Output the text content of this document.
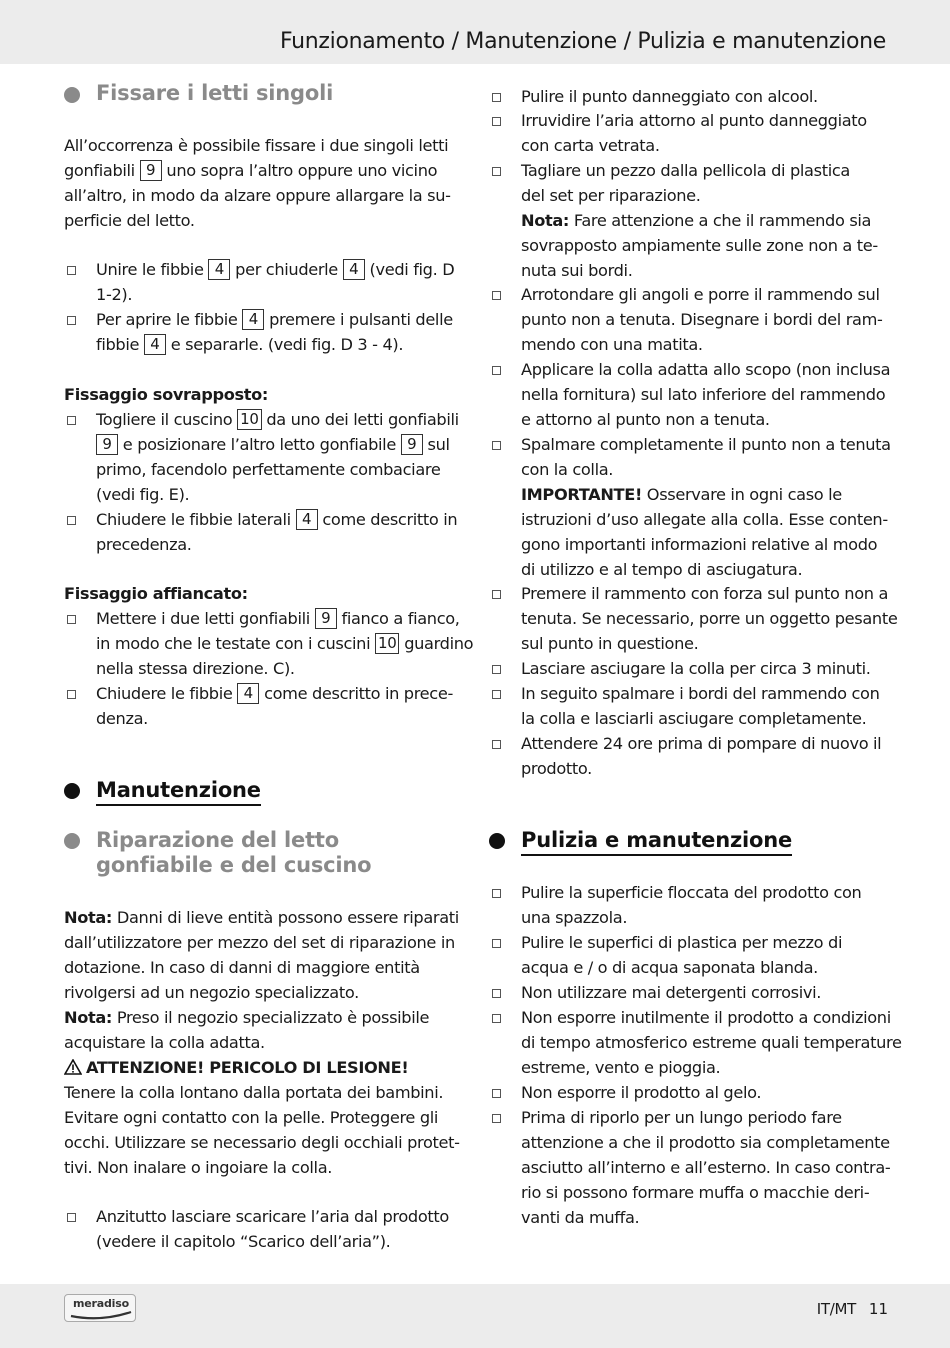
Funzionamento / Manutenzione / Pulizia e manutenzione
Fissare i letti singoli
All’occorrenza è possibile fissare i due singoli letti
gonfiabili 9 uno sopra l’altro oppure uno vicino
all’altro, in modo da alzare oppure allargare la su-
perficie del letto.
Unire le fibbie 4 per chiuderle 4 (vedi fig. D
1-2).
Per aprire le fibbie 4 premere i pulsanti delle
fibbie 4 e separarle. (vedi fig. D 3 - 4).
Fissaggio sovrapposto:
Togliere il cuscino 10 da uno dei letti gonfiabili
9 e posizionare l’altro letto gonfiabile 9 sul
primo, facendolo perfettamente combaciare
(vedi fig. E).
Chiudere le fibbie laterali 4 come descritto in
precedenza.
Fissaggio affiancato:
Mettere i due letti gonfiabili 9 fianco a fianco,
in modo che le testate con i cuscini 10 guardino
nella stessa direzione. C).
Chiudere le fibbie 4 come descritto in prece-
denza.
Manutenzione
Riparazione del letto
gonfiabile e del cuscino
Nota: Danni di lieve entità possono essere riparati
dall’utilizzatore per mezzo del set di riparazione in
dotazione. In caso di danni di maggiore entità
rivolgersi ad un negozio specializzato.
Nota: Preso il negozio specializzato è possibile
acquistare la colla adatta.
ATTENZIONE! PERICOLO DI LESIONE!
Tenere la colla lontano dalla portata dei bambini.
Evitare ogni contatto con la pelle. Proteggere gli
occhi. Utilizzare se necessario degli occhiali protet-
tivi. Non inalare o ingoiare la colla.
Anzitutto lasciare scaricare l’aria dal prodotto
(vedere il capitolo “Scarico dell’aria”).
Pulire il punto danneggiato con alcool.
Irruvidire l’aria attorno al punto danneggiato
con carta vetrata.
Tagliare un pezzo dalla pellicola di plastica
del set per riparazione.
Nota: Fare attenzione a che il rammendo sia
sovrapposto ampiamente sulle zone non a te-
nuta sui bordi.
Arrotondare gli angoli e porre il rammendo sul
punto non a tenuta. Disegnare i bordi del ram-
mendo con una matita.
Applicare la colla adatta allo scopo (non inclusa
nella fornitura) sul lato inferiore del rammendo
e attorno al punto non a tenuta.
Spalmare completamente il punto non a tenuta
con la colla.
IMPORTANTE! Osservare in ogni caso le
istruzioni d’uso allegate alla colla. Esse conten-
gono importanti informazioni relative al modo
di utilizzo e al tempo di asciugatura.
Premere il rammento con forza sul punto non a
tenuta. Se necessario, porre un oggetto pesante
sul punto in questione.
Lasciare asciugare la colla per circa 3 minuti.
In seguito spalmare i bordi del rammendo con
la colla e lasciarli asciugare completamente.
Attendere 24 ore prima di pompare di nuovo il
prodotto.
Pulizia e manutenzione
Pulire la superficie floccata del prodotto con
una spazzola.
Pulire le superfici di plastica per mezzo di
acqua e / o di acqua saponata blanda.
Non utilizzare mai detergenti corrosivi.
Non esporre inutilmente il prodotto a condizioni
di tempo atmosferico estreme quali temperature
estreme, vento e pioggia.
Non esporre il prodotto al gelo.
Prima di riporlo per un lungo periodo fare
attenzione a che il prodotto sia completamente
asciutto all’interno e all’esterno. In caso contra-
rio si possono formare muffa o macchie deri-
vanti da muffa.
meradiso	IT/MT 11
